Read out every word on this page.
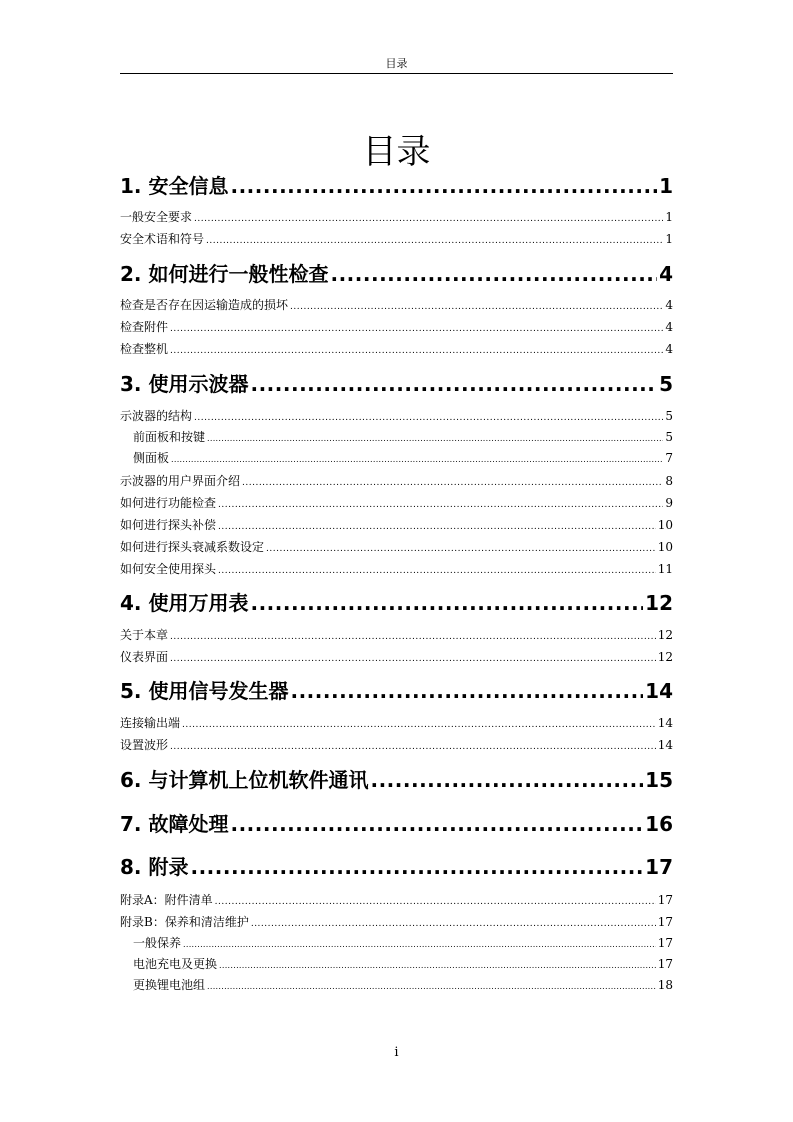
目录
目录
1. 安全信息 .....	1
一般安全要求 .....	1
安全术语和符号 .....	1
2. 如何进行一般性检查 .....	4
检查是否存在因运输造成的损坏 .....	4
检查附件 .....	4
检查整机 .....	4
3. 使用示波器 .....	5
示波器的结构 .....	5
前面板和按键 .....	5
侧面板 .....	7
示波器的用户界面介绍 .....	8
如何进行功能检查 .....	9
如何进行探头补偿 .....	10
如何进行探头衰减系数设定 .....	10
如何安全使用探头 .....	11
4. 使用万用表 .....	12
关于本章 .....	12
仪表界面 .....	12
5. 使用信号发生器 .....	14
连接输出端 .....	14
设置波形 .....	14
6. 与计算机上位机软件通讯 .....	15
7. 故障处理 .....	16
8. 附录 .....	17
附录A：附件清单 .....	17
附录B：保养和清洁维护 .....	17
一般保养 .....	17
电池充电及更换 .....	17
更换锂电池组 .....	18
i
